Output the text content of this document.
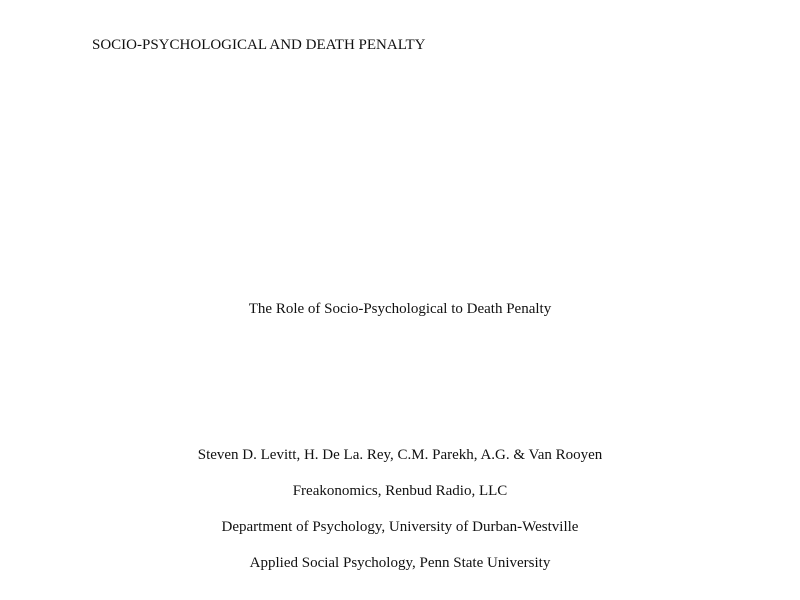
SOCIO-PSYCHOLOGICAL AND DEATH PENALTY
The Role of Socio-Psychological to Death Penalty
Steven D. Levitt, H. De La. Rey, C.M. Parekh, A.G. & Van Rooyen
Freakonomics, Renbud Radio, LLC
Department of Psychology, University of Durban-Westville
Applied Social Psychology, Penn State University
